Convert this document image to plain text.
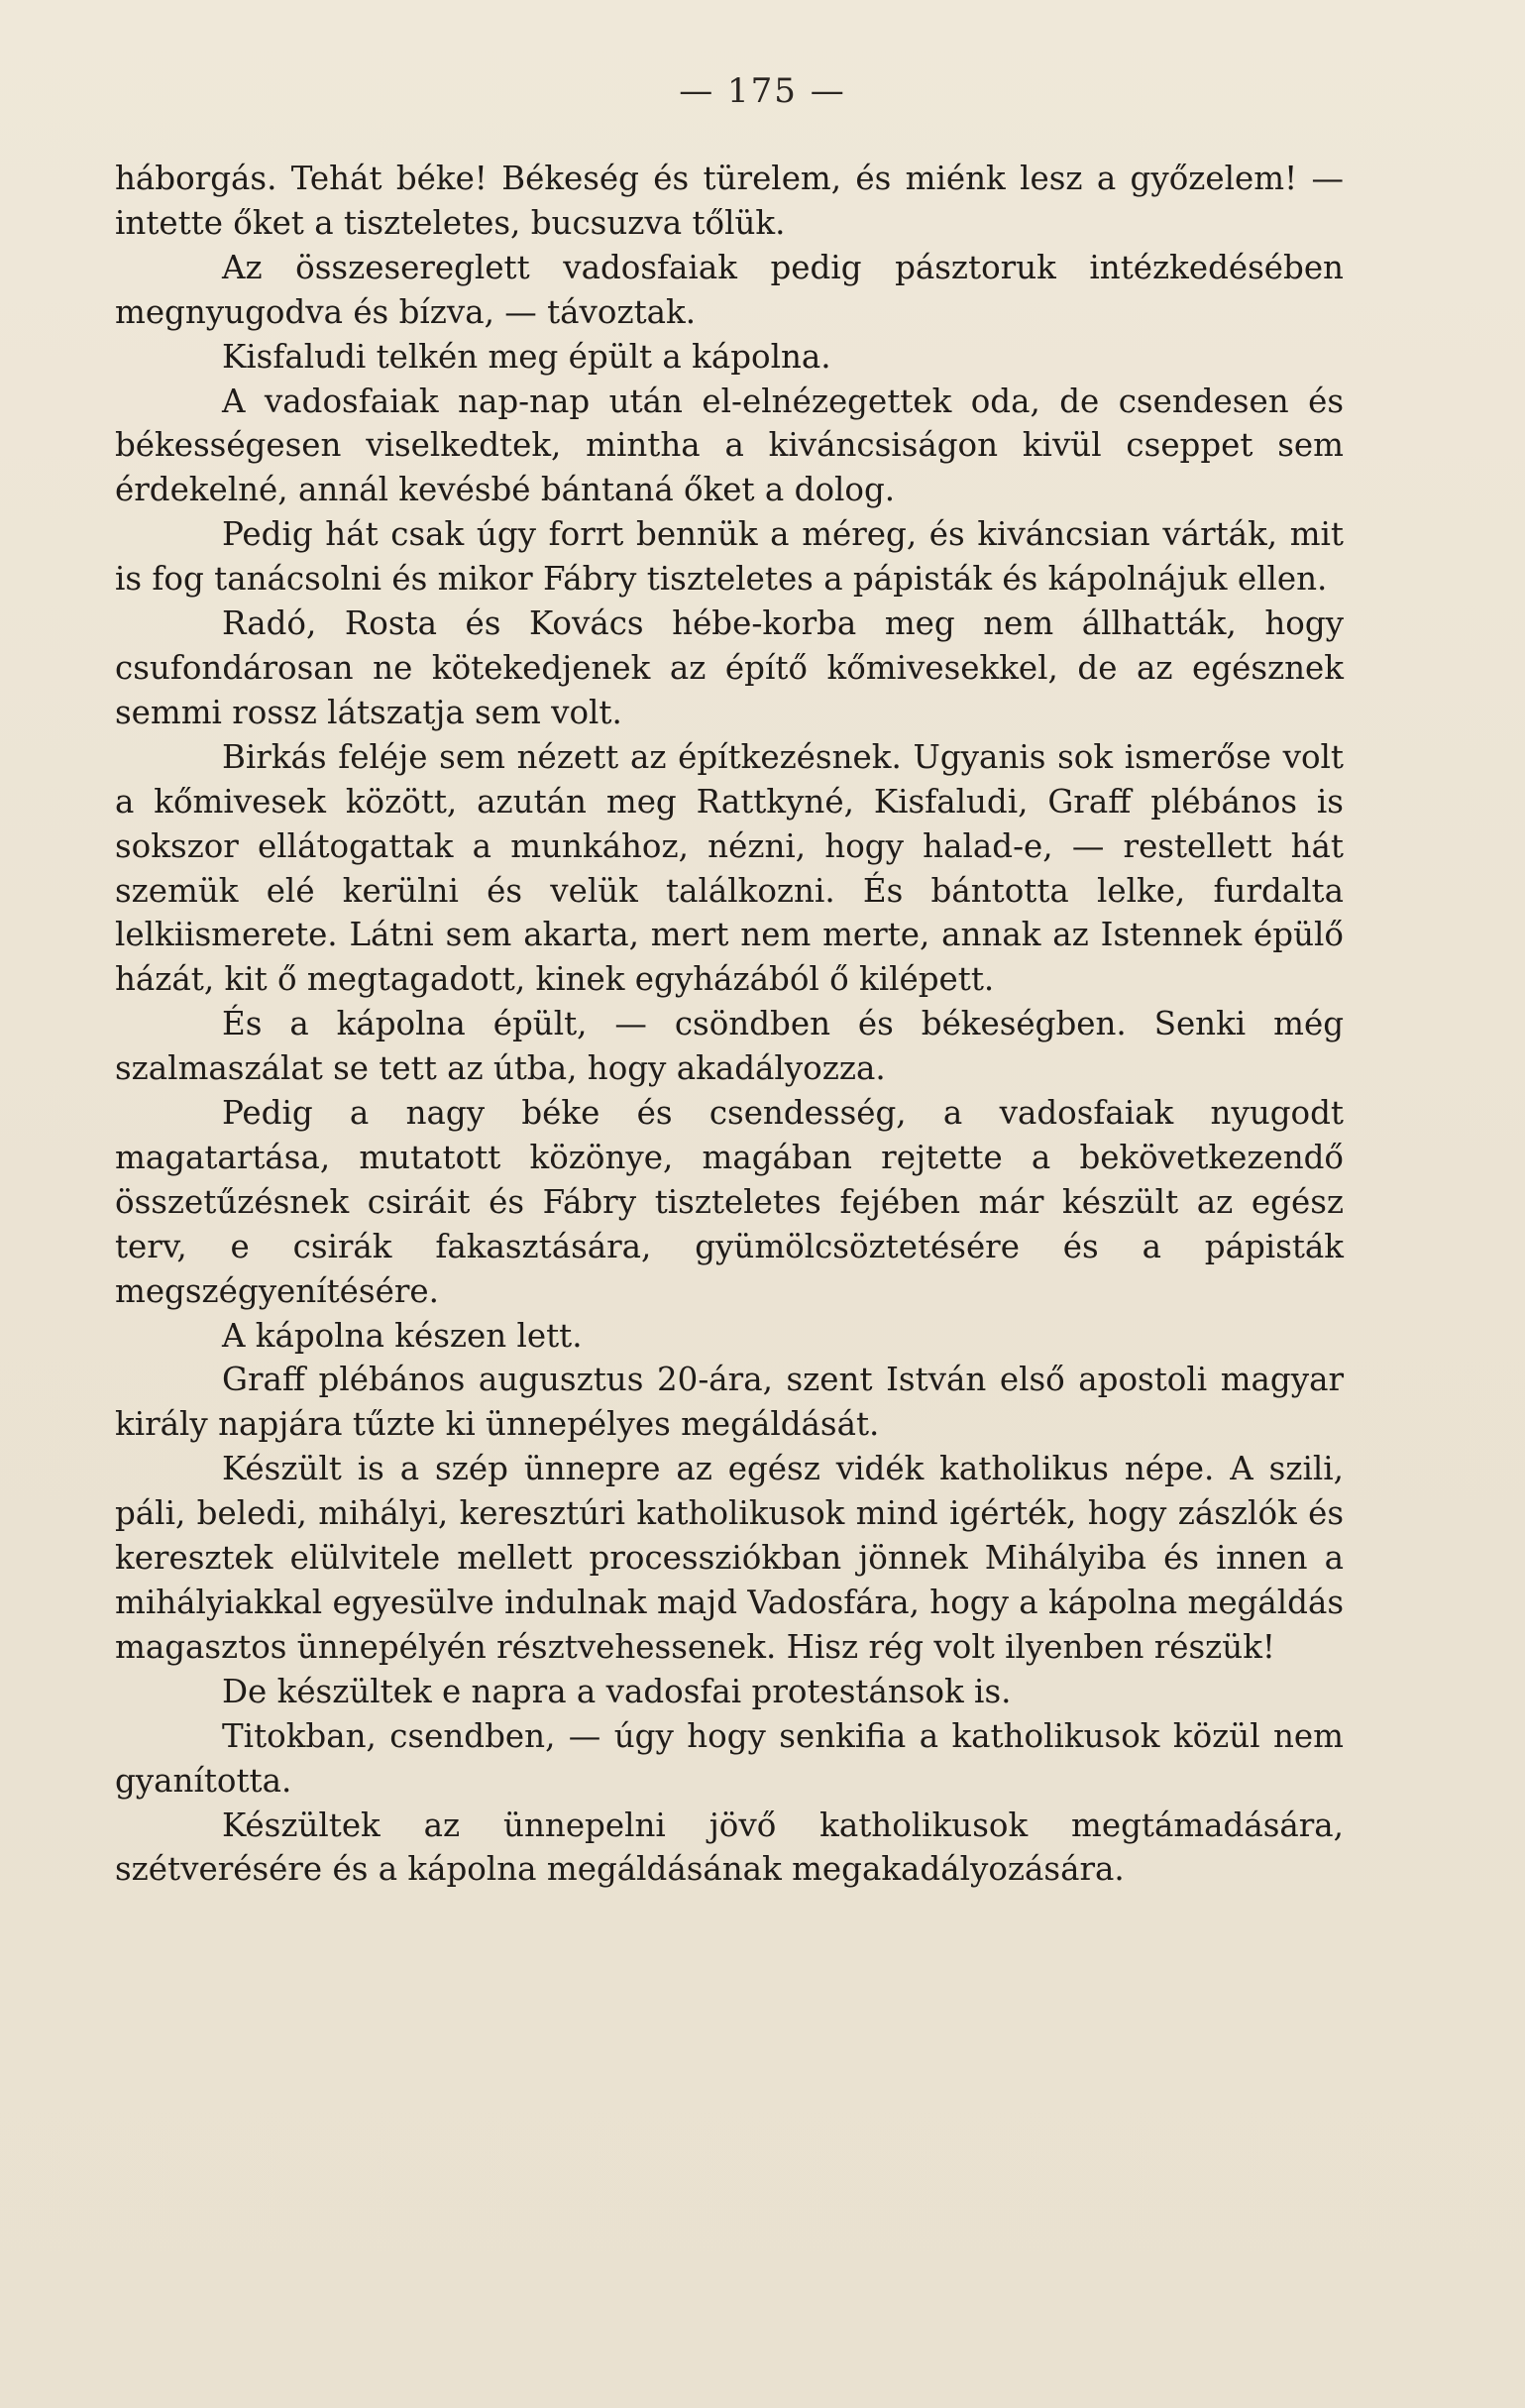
— 175 —

háborgás. Tehát béke! Békeség és türelem, és miénk lesz a győzelem! — intette őket a tiszteletes, bucsuzva tőlük.

Az összesereglett vadosfaiak pedig pásztoruk intézkedésében megnyugodva és bízva, — távoztak.

Kisfaludi telkén meg épült a kápolna.

A vadosfaiak nap-nap után el-elnézegettek oda, de csendesen és békességesen viselkedtek, mintha a kiváncsiságon kivül cseppet sem érdekelné, annál kevésbé bántaná őket a dolog.

Pedig hát csak úgy forrt bennük a méreg, és kiváncsian várták, mit is fog tanácsolni és mikor Fábry tiszteletes a pápisták és kápolnájuk ellen.

Radó, Rosta és Kovács hébe-korba meg nem állhatták, hogy csufondárosan ne kötekedjenek az építő kőmivesekkel, de az egésznek semmi rossz látszatja sem volt.

Birkás feléje sem nézett az építkezésnek. Ugyanis sok ismerőse volt a kőmivesek között, azután meg Rattkyné, Kisfaludi, Graff plébános is sokszor ellátogattak a munkához, nézni, hogy halad-e, — restellett hát szemük elé kerülni és velük találkozni. És bántotta lelke, furdalta lelkiismerete. Látni sem akarta, mert nem merte, annak az Istennek épülő házát, kit ő megtagadott, kinek egyházából ő kilépett.

És a kápolna épült, — csöndben és békeségben. Senki még szalmaszálat se tett az útba, hogy akadályozza.

Pedig a nagy béke és csendesség, a vadosfaiak nyugodt magatartása, mutatott közönye, magában rejtette a bekövetkezendő összetűzésnek csiráit és Fábry tiszteletes fejében már készült az egész terv, e csirák fakasztására, gyümölcsöztetésére és a pápisták megszégyenítésére.

A kápolna készen lett.

Graff plébános augusztus 20-ára, szent István első apostoli magyar király napjára tűzte ki ünnepélyes megáldását.

Készült is a szép ünnepre az egész vidék katholikus népe. A szili, páli, beledi, mihályi, keresztúri katholikusok mind igérték, hogy zászlók és keresztek elülvitele mellett processziókban jönnek Mihályiba és innen a mihályiakkal egyesülve indulnak majd Vadosfára, hogy a kápolna megáldás magasztos ünnepélyén résztvehessenek. Hisz rég volt ilyenben részük!

De készültek e napra a vadosfai protestánsok is.

Titokban, csendben, — úgy hogy senkifia a katholikusok közül nem gyanította.

Készültek az ünnepelni jövő katholikusok megtámadására, szétverésére és a kápolna megáldásának megakadályozására.
